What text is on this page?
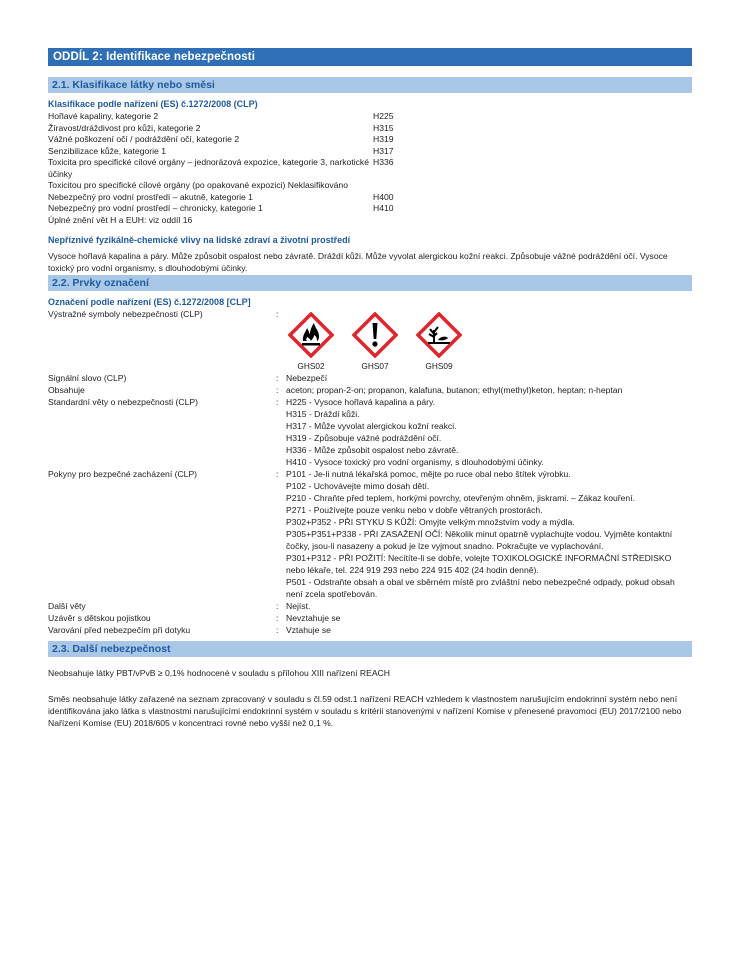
ODDÍL 2: Identifikace nebezpečnosti
2.1. Klasifikace látky nebo směsi
Klasifikace podle nařízení (ES) č.1272/2008 (CLP)
Hořlavé kapaliny, kategorie 2	H225
Žíravost/dráždivost pro kůži, kategorie 2	H315
Vážné poškození očí / podráždění očí, kategorie 2	H319
Senzibilizace kůže, kategorie 1	H317
Toxicita pro specifické cílové orgány – jednorázová expozice, kategorie 3, narkotické účinky
H336
Toxicitou pro specifické cílové orgány (po opakované expozici) Neklasifikováno
Nebezpečný pro vodní prostředí – akutně, kategorie 1	H400
Nebezpečný pro vodní prostředí – chronicky, kategorie 1	H410
Úplné znění vět H a EUH: viz oddíl 16
Nepříznivé fyzikálně-chemické vlivy na lidské zdraví a životní prostředí
Vysoce hořlavá kapalina a páry. Může způsobit ospalost nebo závratě. Dráždí kůži. Může vyvolat alergickou kožní reakci. Způsobuje vážné podráždění očí. Vysoce toxický pro vodní organismy, s dlouhodobými účinky.
2.2. Prvky označení
Označení podle nařízení (ES) č.1272/2008 [CLP]
Výstražné symboly nebezpečnosti (CLP)	:
GHS02	GHS07	GHS09
Signální slovo (CLP)	: Nebezpečí
Obsahuje	: aceton; propan-2-on; propanon, kalafuna, butanon; ethyl(methyl)keton, heptan; n-heptan
Standardní věty o nebezpečnosti (CLP)	: H225 - Vysoce hořlavá kapalina a páry.
H315 - Dráždí kůži.
H317 - Může vyvolat alergickou kožní reakci.
H319 - Způsobuje vážné podráždění očí.
H336 - Může způsobit ospalost nebo závratě.
H410 - Vysoce toxický pro vodní organismy, s dlouhodobými účinky.
Pokyny pro bezpečné zacházení (CLP)	: P101 - Je-li nutná lékařská pomoc, mějte po ruce obal nebo štítek výrobku.
P102 - Uchovávejte mimo dosah dětí.
P210 - Chraňte před teplem, horkými povrchy, otevřeným ohněm, jiskrami. – Zákaz kouření.
P271 - Používejte pouze venku nebo v dobře větraných prostorách.
P302+P352 - PŘI STYKU S KŮŽÍ: Omyjte velkým množstvím vody a mýdla.
P305+P351+P338 - PŘI ZASAŽENÍ OČÍ: Několik minut opatrně vyplachujte vodou. Vyjměte kontaktní čočky, jsou-li nasazeny a pokud je lze vyjmout snadno. Pokračujte ve vyplachování.
P301+P312 - PŘI POŽITÍ: Necítíte-li se dobře, volejte TOXIKOLOGICKÉ INFORMAČNÍ STŘEDISKO nebo lékaře, tel. 224 919 293 nebo 224 915 402 (24 hodin denně).
P501 - Odstraňte obsah a obal ve sběrném místě pro zvláštní nebo nebezpečné odpady, pokud obsah není zcela spotřebován.
Další věty	: Nejíst.
Uzávěr s dětskou pojistkou	: Nevztahuje se
Varování před nebezpečím při dotyku	: Vztahuje se
2.3. Další nebezpečnost
Neobsahuje látky PBT/vPvB ≥ 0,1% hodnocené v souladu s přílohou XIII nařízení REACH
Směs neobsahuje látky zařazené na seznam zpracovaný v souladu s čl.59 odst.1 nařízení REACH vzhledem k vlastnostem narušujícím endokrinní systém nebo není identifikována jako látka s vlastnostmi narušujícími endokrinní systém v souladu s kritérii stanovenými v nařízení Komise v přenesené pravomoci (EU) 2017/2100 nebo Nařízení Komise (EU) 2018/605 v koncentraci rovné nebo vyšší než 0,1 %.
